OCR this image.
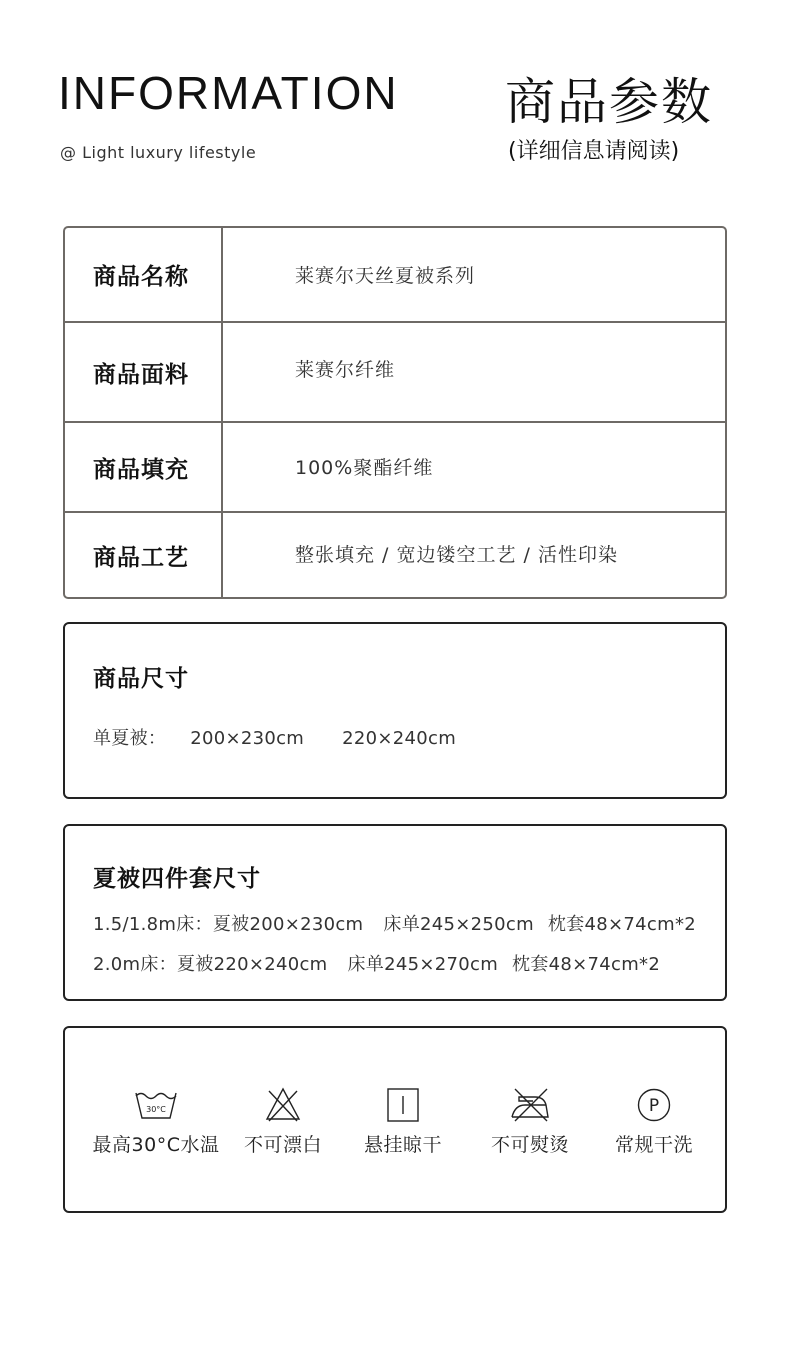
INFORMATION
@ Light luxury lifestyle
商品参数
(详细信息请阅读)
商品名称	莱赛尔天丝夏被系列
商品面料	莱赛尔纤维
商品填充	100%聚酯纤维
商品工艺	整张填充 / 宽边镂空工艺 / 活性印染
商品尺寸
单夏被： 200×230cm 220×240cm
夏被四件套尺寸
1.5/1.8m床：夏被200×230cm 床单245×250cm 枕套48×74cm*2
2.0m床：夏被220×240cm 床单245×270cm 枕套48×74cm*2
30°C
最高30°C水温	不可漂白	悬挂晾干	不可熨烫
P
常规干洗
